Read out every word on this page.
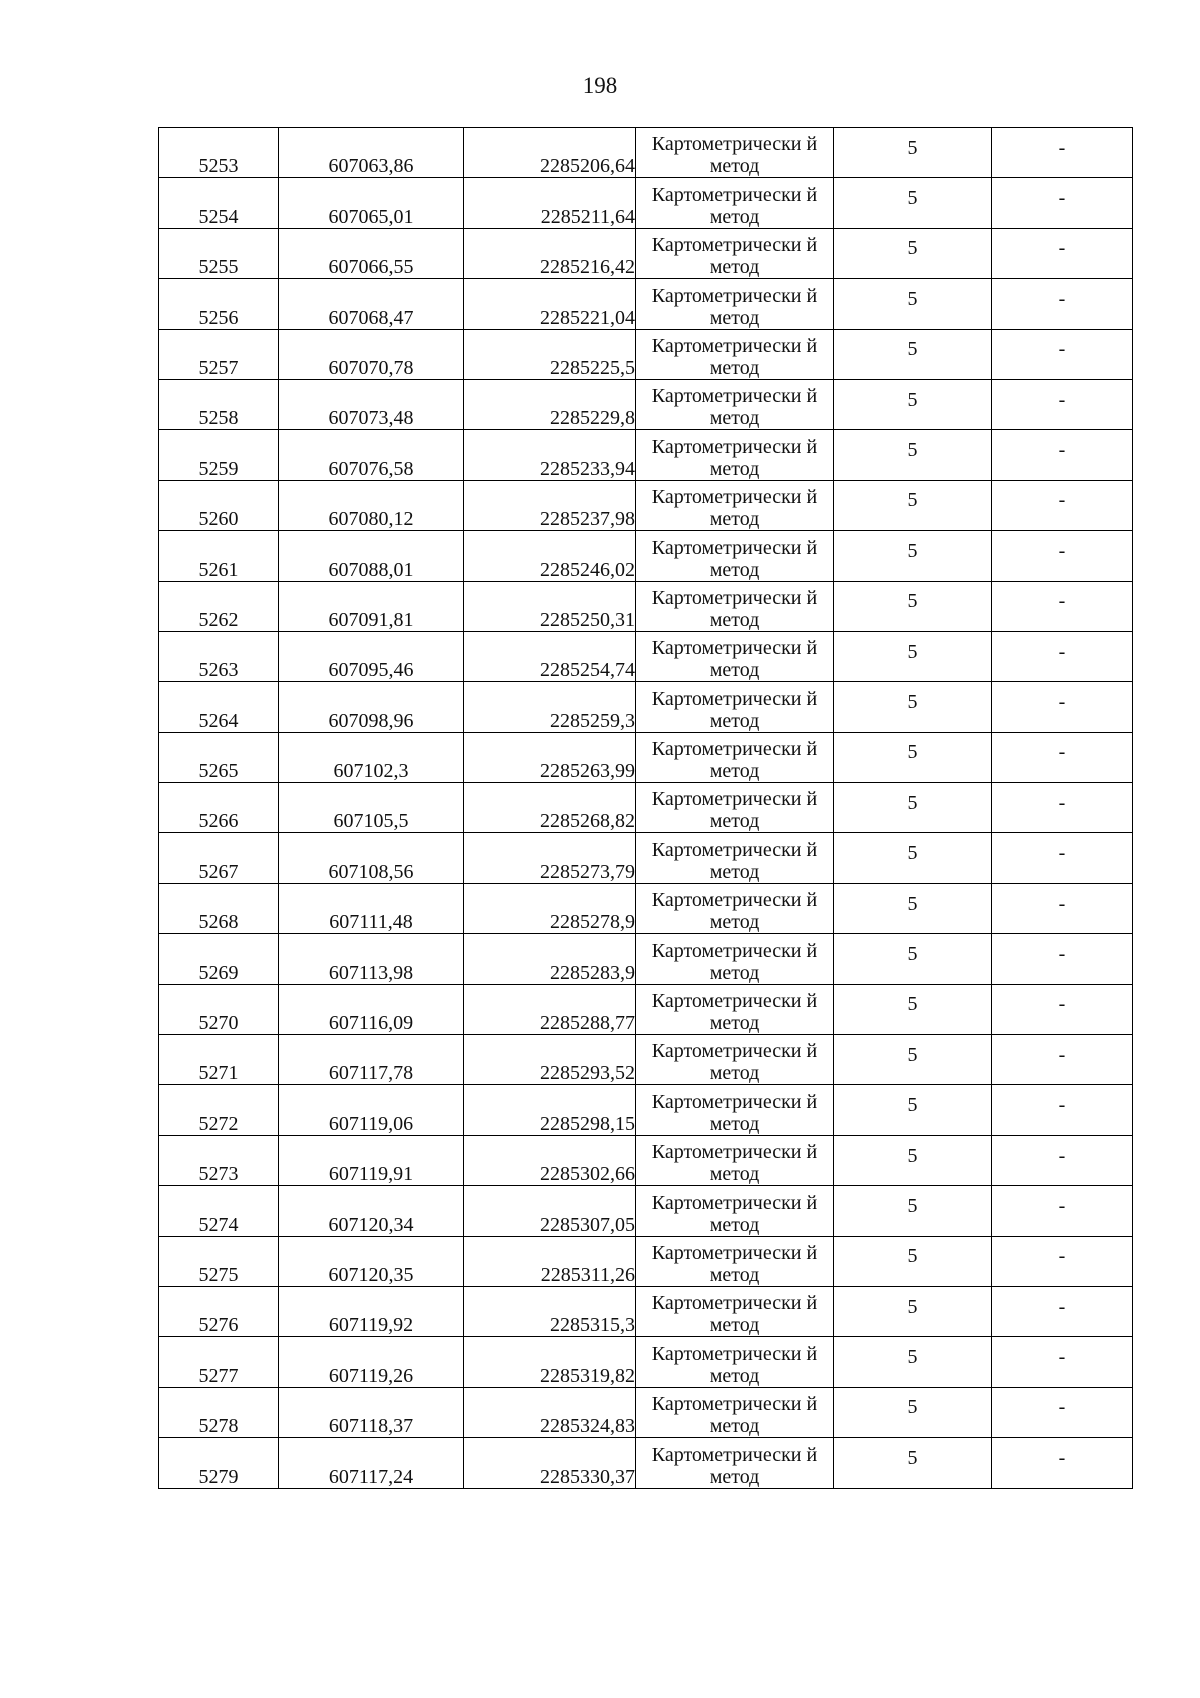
198
5253	607063,86	2285206,64	Картометрически й метод	5	-
5254	607065,01	2285211,64	Картометрически й метод	5	-
5255	607066,55	2285216,42	Картометрически й метод	5	-
5256	607068,47	2285221,04	Картометрически й метод	5	-
5257	607070,78	2285225,5	Картометрически й метод	5	-
5258	607073,48	2285229,8	Картометрически й метод	5	-
5259	607076,58	2285233,94	Картометрически й метод	5	-
5260	607080,12	2285237,98	Картометрически й метод	5	-
5261	607088,01	2285246,02	Картометрически й метод	5	-
5262	607091,81	2285250,31	Картометрически й метод	5	-
5263	607095,46	2285254,74	Картометрически й метод	5	-
5264	607098,96	2285259,3	Картометрически й метод	5	-
5265	607102,3	2285263,99	Картометрически й метод	5	-
5266	607105,5	2285268,82	Картометрически й метод	5	-
5267	607108,56	2285273,79	Картометрически й метод	5	-
5268	607111,48	2285278,9	Картометрически й метод	5	-
5269	607113,98	2285283,9	Картометрически й метод	5	-
5270	607116,09	2285288,77	Картометрически й метод	5	-
5271	607117,78	2285293,52	Картометрически й метод	5	-
5272	607119,06	2285298,15	Картометрически й метод	5	-
5273	607119,91	2285302,66	Картометрически й метод	5	-
5274	607120,34	2285307,05	Картометрически й метод	5	-
5275	607120,35	2285311,26	Картометрически й метод	5	-
5276	607119,92	2285315,3	Картометрически й метод	5	-
5277	607119,26	2285319,82	Картометрически й метод	5	-
5278	607118,37	2285324,83	Картометрически й метод	5	-
5279	607117,24	2285330,37	Картометрически й метод	5	-
